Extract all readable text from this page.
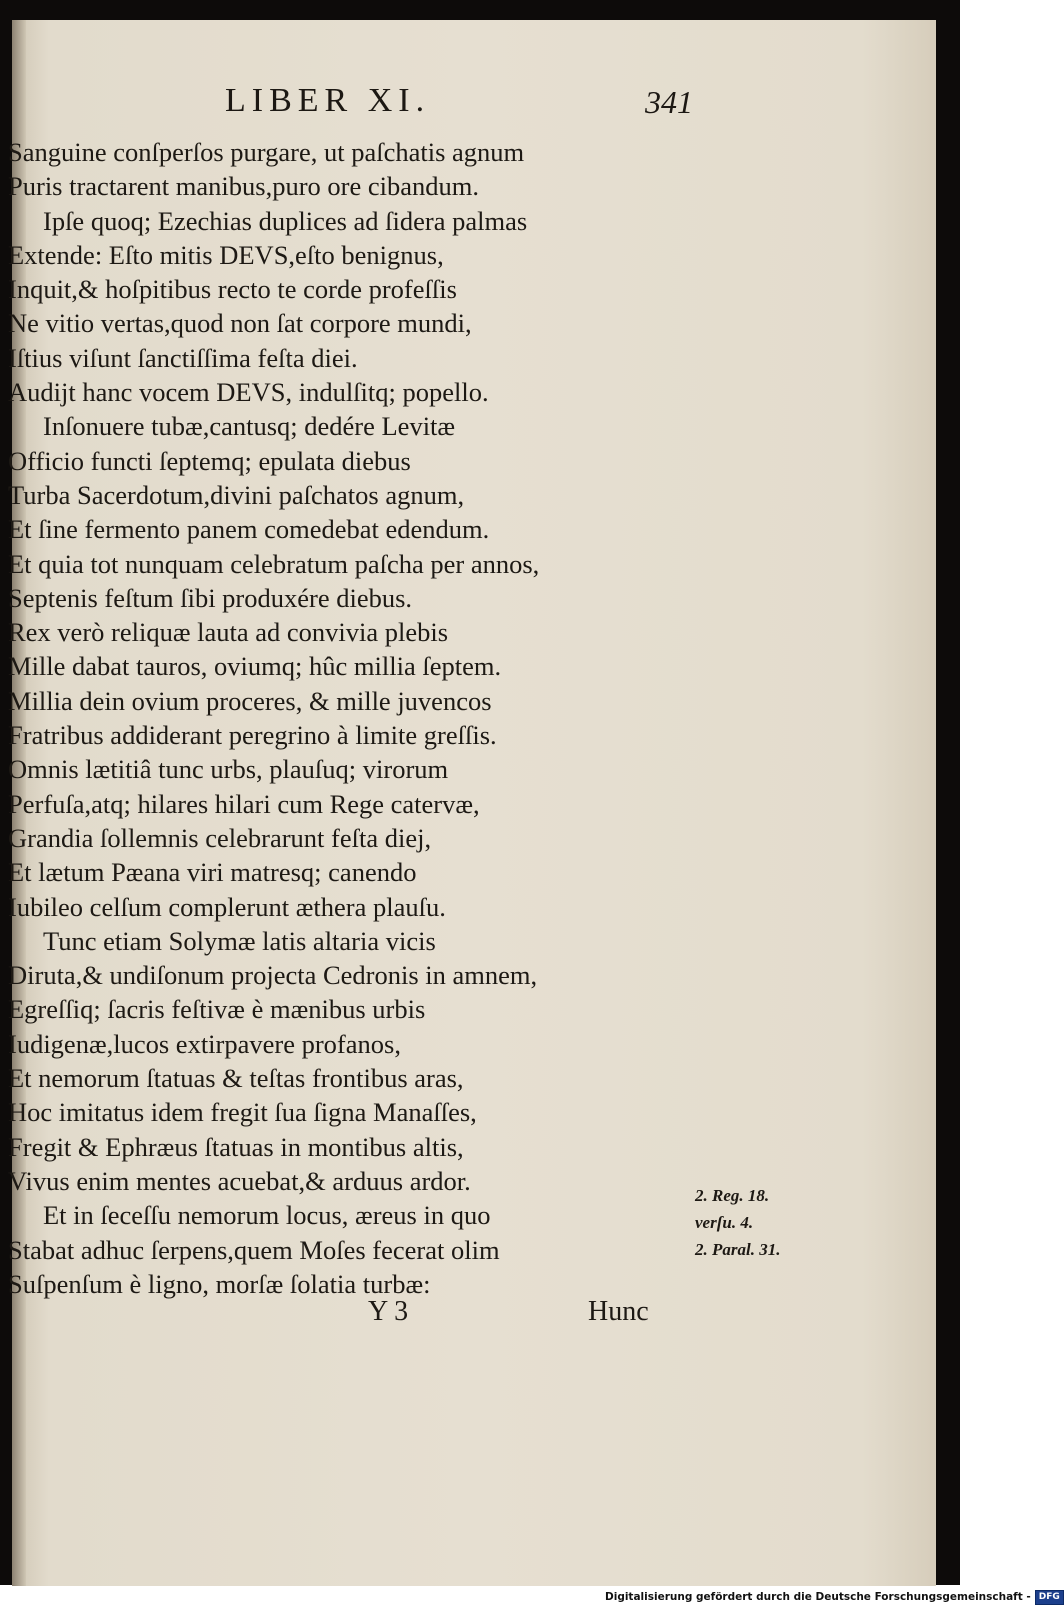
LIBER XI.	341
Sanguine conſperſos purgare, ut paſchatis agnum
Puris tractarent manibus,puro ore cibandum.
Ipſe quoq; Ezechias duplices ad ſidera palmas
Extende: Eſto mitis DEVS,eſto benignus,
Inquit,& hoſpitibus recto te corde profeſſis
Ne vitio vertas,quod non ſat corpore mundi,
Iſtius viſunt ſanctiſſima feſta diei.
Audijt hanc vocem DEVS, indulſitq; popello.
Inſonuere tubæ,cantusq; dedére Levitæ
Officio functi ſeptemq; epulata diebus
Turba Sacerdotum,divini paſchatos agnum,
Et ſine fermento panem comedebat edendum.
Et quia tot nunquam celebratum paſcha per annos,
Septenis feſtum ſibi produxére diebus.
Rex verò reliquæ lauta ad convivia plebis
Mille dabat tauros, oviumq; hûc millia ſeptem.
Millia dein ovium proceres, & mille juvencos
Fratribus addiderant peregrino à limite greſſis.
Omnis lætitiâ tunc urbs, plauſuq; virorum
Perfuſa,atq; hilares hilari cum Rege catervæ,
Grandia ſollemnis celebrarunt feſta diej,
Et lætum Pæana viri matresq; canendo
Iubileo celſum complerunt æthera plauſu.
Tunc etiam Solymæ latis altaria vicis
Diruta,& undiſonum projecta Cedronis in amnem,
Egreſſiq; ſacris feſtivæ è mænibus urbis
Iudigenæ,lucos extirpavere profanos,
Et nemorum ſtatuas & teſtas frontibus aras,
Hoc imitatus idem fregit ſua ſigna Manaſſes,
Fregit & Ephræus ſtatuas in montibus altis,
Vivus enim mentes acuebat,& arduus ardor.
Et in ſeceſſu nemorum locus, æreus in quo
Stabat adhuc ſerpens,quem Moſes fecerat olim
Suſpenſum è ligno, morſæ ſolatia turbæ:
2. Reg. 18.
verſu. 4.
2. Paral. 31.
Y 3	Hunc
Digitalisierung gefördert durch die Deutsche Forschungsgemeinschaft - DFG
